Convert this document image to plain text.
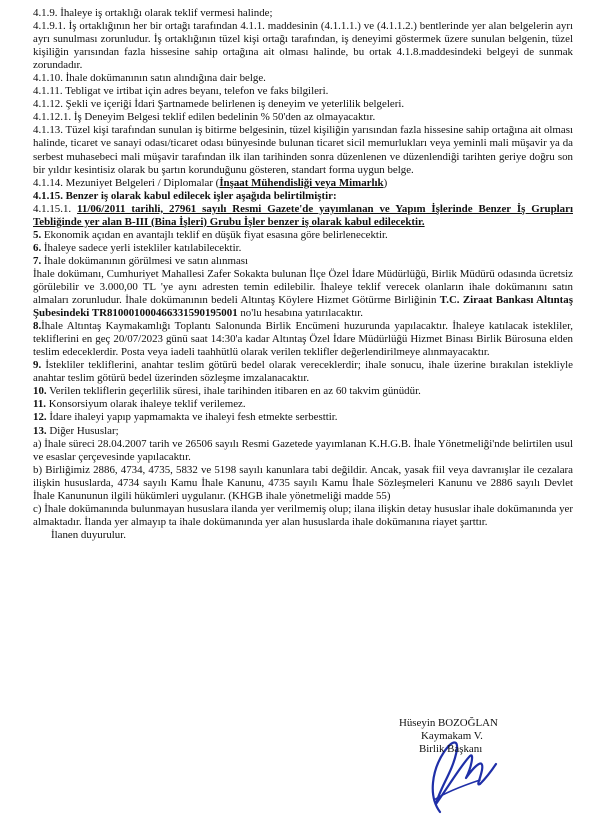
4.1.9. İhaleye iş ortaklığı olarak teklif vermesi halinde;

4.1.9.1. İş ortaklığının her bir ortağı tarafından 4.1.1. maddesinin (4.1.1.1.) ve (4.1.1.2.) bentlerinde yer alan belgelerin ayrı ayrı sunulması zorunludur. İş ortaklığının tüzel kişi ortağı tarafından, iş deneyimi göstermek üzere sunulan belgenin, tüzel kişiliğin yarısından fazla hissesine sahip ortağına ait olması halinde, bu ortak 4.1.8.maddesindeki belgeyi de sunmak zorundadır.

4.1.10. İhale dokümanının satın alındığına dair belge.

4.1.11. Tebligat ve irtibat için adres beyanı, telefon ve faks bilgileri.

4.1.12. Şekli ve içeriği İdari Şartnamede belirlenen iş deneyim ve yeterlilik belgeleri.

4.1.12.1. İş Deneyim Belgesi teklif edilen bedelinin % 50'den az olmayacaktır.

4.1.13. Tüzel kişi tarafından sunulan iş bitirme belgesinin, tüzel kişiliğin yarısından fazla hissesine sahip ortağına ait olması halinde, ticaret ve sanayi odası/ticaret odası bünyesinde bulunan ticaret sicil memurlukları veya yeminli mali müşavir ya da serbest muhasebeci mali müşavir tarafından ilk ilan tarihinden sonra düzenlenen ve düzenlendiği tarihten geriye doğru son bir yıldır kesintisiz olarak bu şartın korunduğunu gösteren, standart forma uygun belge.

4.1.14. Mezuniyet Belgeleri / Diplomalar (İnşaat Mühendisliği veya Mimarlık)

4.1.15. Benzer iş olarak kabul edilecek işler aşağıda belirtilmiştir:

4.1.15.1. 11/06/2011 tarihli, 27961 sayılı Resmi Gazete'de yayımlanan ve Yapım İşlerinde Benzer İş Grupları Tebliğinde yer alan B-III (Bina İşleri) Grubu İşler benzer iş olarak kabul edilecektir.

5. Ekonomik açıdan en avantajlı teklif en düşük fiyat esasına göre belirlenecektir.

6. İhaleye sadece yerli istekliler katılabilecektir.

7. İhale dokümanının görülmesi ve satın alınması

İhale dokümanı, Cumhuriyet Mahallesi Zafer Sokakta bulunan İlçe Özel İdare Müdürlüğü, Birlik Müdürü odasında ücretsiz görülebilir ve 3.000,00 TL 'ye aynı adresten temin edilebilir. İhaleye teklif verecek olanların ihale dokümanını satın almaları zorunludur. İhale dokümanının bedeli Altıntaş Köylere Hizmet Götürme Birliğinin T.C. Ziraat Bankası Altıntaş Şubesindeki TR810001000466331590195001 no'lu hesabına yatırılacaktır.

8.İhale Altıntaş Kaymakamlığı Toplantı Salonunda Birlik Encümeni huzurunda yapılacaktır. İhaleye katılacak istekliler, tekliflerini en geç 20/07/2023 günü saat 14:30'a kadar Altıntaş Özel İdare Müdürlüğü Hizmet Binası Birlik Bürosuna elden teslim edeceklerdir. Posta veya iadeli taahhütlü olarak verilen teklifler değerlendirilmeye alınmayacaktır.

9. İstekliler tekliflerini, anahtar teslim götürü bedel olarak vereceklerdir; ihale sonucu, ihale üzerine bırakılan istekliyle anahtar teslim götürü bedel üzerinden sözleşme imzalanacaktır.

10. Verilen tekliflerin geçerlilik süresi, ihale tarihinden itibaren en az 60 takvim günüdür.

11. Konsorsiyum olarak ihaleye teklif verilemez.

12. İdare ihaleyi yapıp yapmamakta ve ihaleyi fesh etmekte serbesttir.

13. Diğer Hususlar;

a) İhale süreci 28.04.2007 tarih ve 26506 sayılı Resmi Gazetede yayımlanan K.H.G.B. İhale Yönetmeliği'nde belirtilen usul ve esaslar çerçevesinde yapılacaktır.

b) Birliğimiz 2886, 4734, 4735, 5832 ve 5198 sayılı kanunlara tabi değildir. Ancak, yasak fiil veya davranışlar ile cezalara ilişkin hususlarda, 4734 sayılı Kamu İhale Kanunu, 4735 sayılı Kamu İhale Sözleşmeleri Kanunu ve 2886 sayılı Devlet İhale Kanununun ilgili hükümleri uygulanır. (KHGB ihale yönetmeliği madde 55)

c) İhale dokümanında bulunmayan hususlara ilanda yer verilmemiş olup; ilana ilişkin detay hususlar ihale dokümanında yer almaktadır. İlanda yer almayıp ta ihale dokümanında yer alan hususlarda ihale dokümanına riayet şarttır.

İlanen duyurulur.

Hüseyin BOZOĞLAN
Kaymakam V.
Birlik Başkanı
